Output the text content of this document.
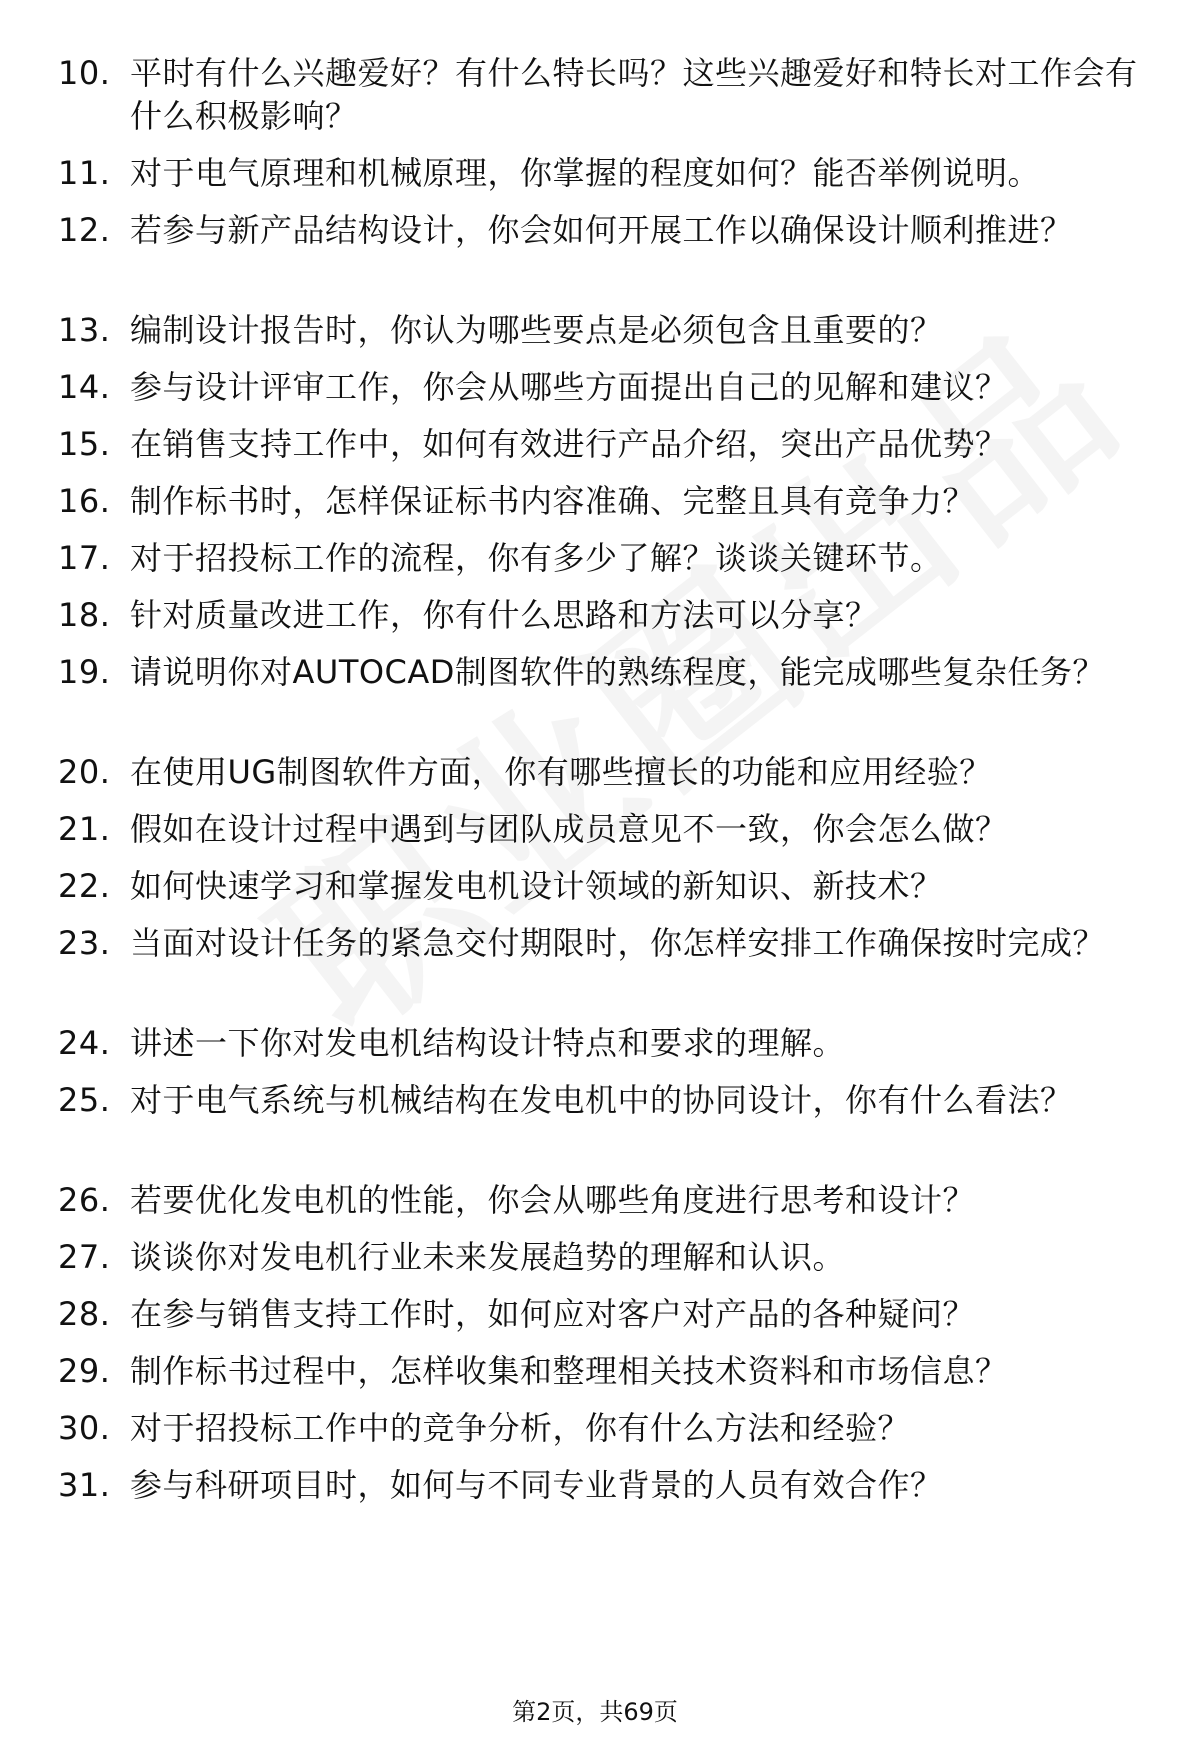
10. 平时有什么兴趣爱好？有什么特长吗？这些兴趣爱好和特长对工作会有什么积极影响？
11. 对于电气原理和机械原理，你掌握的程度如何？能否举例说明。
12. 若参与新产品结构设计，你会如何开展工作以确保设计顺利推进？
13. 编制设计报告时，你认为哪些要点是必须包含且重要的？
14. 参与设计评审工作，你会从哪些方面提出自己的见解和建议？
15. 在销售支持工作中，如何有效进行产品介绍，突出产品优势？
16. 制作标书时，怎样保证标书内容准确、完整且具有竞争力？
17. 对于招投标工作的流程，你有多少了解？谈谈关键环节。
18. 针对质量改进工作，你有什么思路和方法可以分享？
19. 请说明你对AUTOCAD制图软件的熟练程度，能完成哪些复杂任务？
20. 在使用UG制图软件方面，你有哪些擅长的功能和应用经验？
21. 假如在设计过程中遇到与团队成员意见不一致，你会怎么做？
22. 如何快速学习和掌握发电机设计领域的新知识、新技术？
23. 当面对设计任务的紧急交付期限时，你怎样安排工作确保按时完成？
24. 讲述一下你对发电机结构设计特点和要求的理解。
25. 对于电气系统与机械结构在发电机中的协同设计，你有什么看法？
26. 若要优化发电机的性能，你会从哪些角度进行思考和设计？
27. 谈谈你对发电机行业未来发展趋势的理解和认识。
28. 在参与销售支持工作时，如何应对客户对产品的各种疑问？
29. 制作标书过程中，怎样收集和整理相关技术资料和市场信息？
30. 对于招投标工作中的竞争分析，你有什么方法和经验？
31. 参与科研项目时，如何与不同专业背景的人员有效合作？
第2页，共69页
